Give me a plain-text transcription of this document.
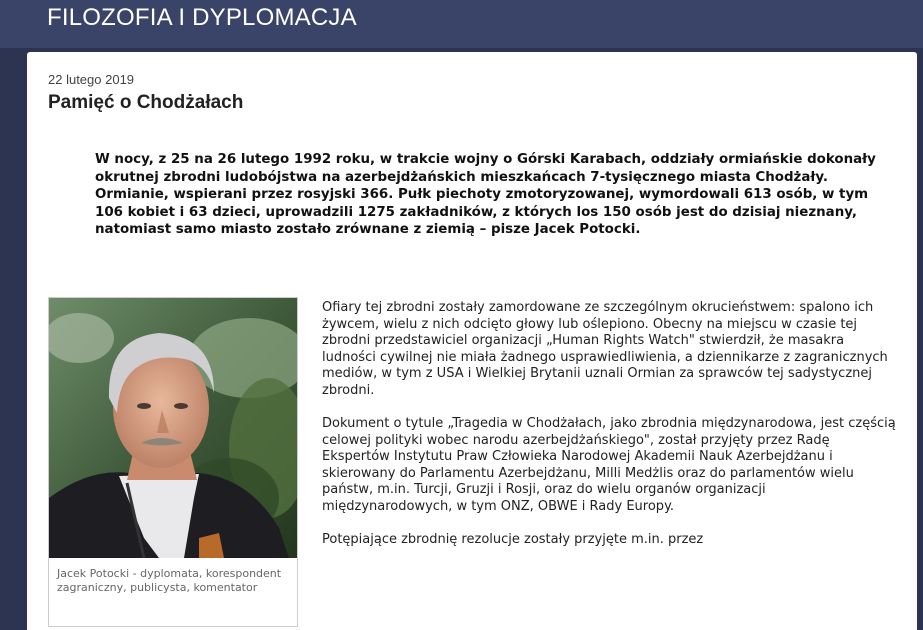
FILOZOFIA I DYPLOMACJA
22 lutego 2019
Pamięć o Chodżałach
W nocy, z 25 na 26 lutego 1992 roku, w trakcie wojny o Górski Karabach, oddziały ormiańskie dokonały okrutnej zbrodni ludobójstwa na azerbejdżańskich mieszkańcach 7-tysięcznego miasta Chodżały. Ormianie, wspierani przez rosyjski 366. Pułk piechoty zmotoryzowanej, wymordowali 613 osób, w tym 106 kobiet i 63 dzieci, uprowadzili 1275 zakładników, z których los 150 osób jest do dzisiaj nieznany, natomiast samo miasto zostało zrównane z ziemią – pisze Jacek Potocki.
Jacek Potocki - dyplomata, korespondent zagraniczny, publicysta, komentator

Ofiary tej zbrodni zostały zamordowane ze szczególnym okrucieństwem: spalono ich żywcem, wielu z nich odcięto głowy lub oślepiono. Obecny na miejscu w czasie tej zbrodni przedstawiciel organizacji „Human Rights Watch" stwierdził, że masakra ludności cywilnej nie miała żadnego usprawiedliwienia, a dziennikarze z zagranicznych mediów, w tym z USA i Wielkiej Brytanii uznali Ormian za sprawców tej sadystycznej zbrodni.

Dokument o tytule „Tragedia w Chodżałach, jako zbrodnia międzynarodowa, jest częścią celowej polityki wobec narodu azerbejdżańskiego", został przyjęty przez Radę Ekspertów Instytutu Praw Człowieka Narodowej Akademii Nauk Azerbejdżanu i skierowany do Parlamentu Azerbejdżanu, Milli Medżlis oraz do parlamentów wielu państw, m.in. Turcji, Gruzji i Rosji, oraz do wielu organów organizacji międzynarodowych, w tym ONZ, OBWE i Rady Europy.

Potępiające zbrodnię rezolucje zostały przyjęte m.in. przez
